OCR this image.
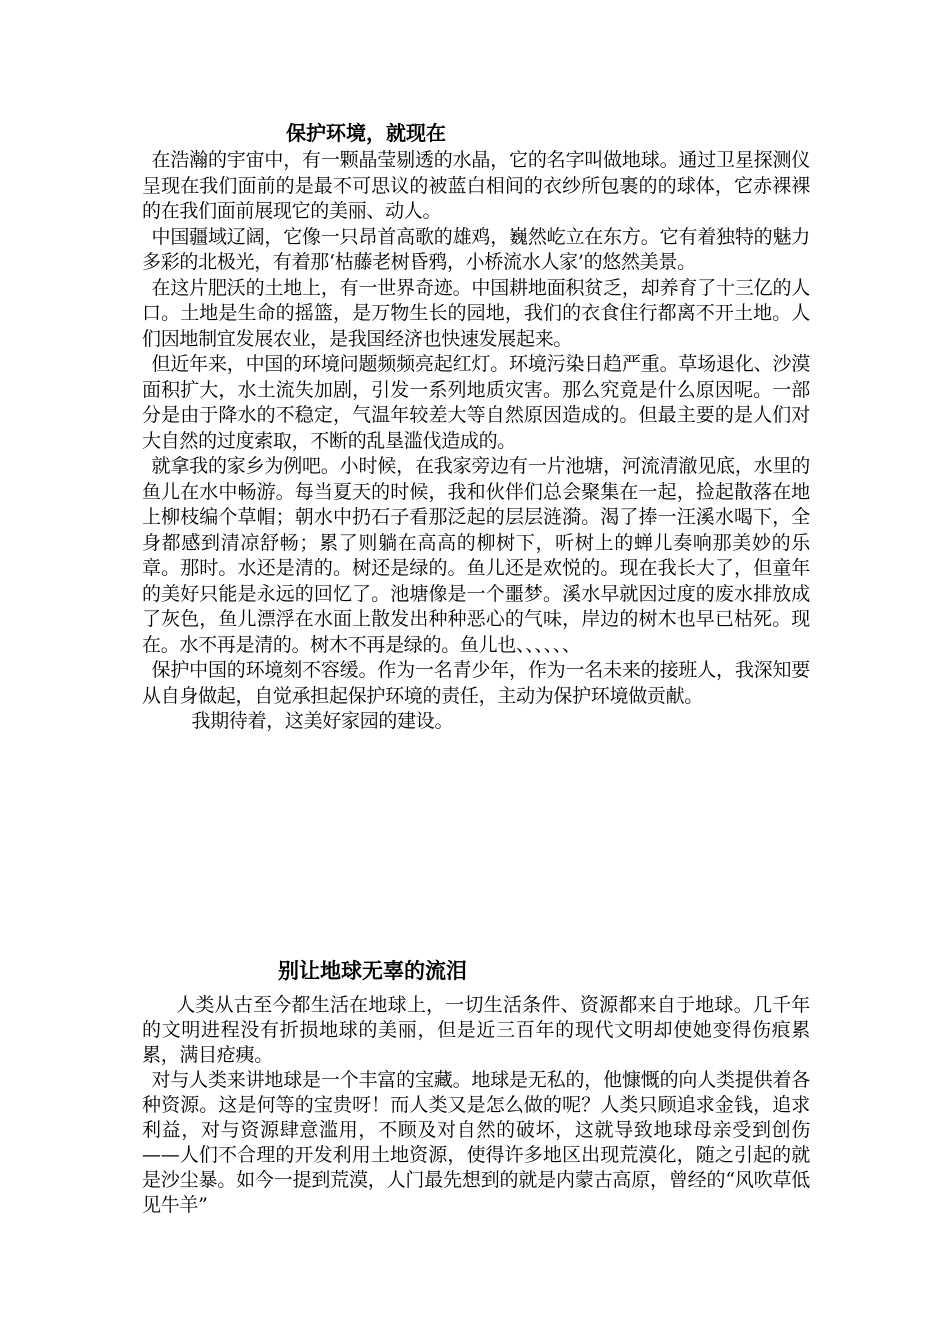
保护环境，就现在

在浩瀚的宇宙中，有一颗晶莹剔透的水晶，它的名字叫做地球。通过卫星探测仪呈现在我们面前的是最不可思议的被蓝白相间的衣纱所包裹的的球体，它赤裸裸的在我们面前展现它的美丽、动人。

中国疆域辽阔，它像一只昂首高歌的雄鸡，巍然屹立在东方。它有着独特的魅力多彩的北极光，有着那‘枯藤老树昏鸦，小桥流水人家’的悠然美景。

在这片肥沃的土地上，有一世界奇迹。中国耕地面积贫乏，却养育了十三亿的人口。土地是生命的摇篮，是万物生长的园地，我们的衣食住行都离不开土地。人们因地制宜发展农业，是我国经济也快速发展起来。

但近年来，中国的环境问题频频亮起红灯。环境污染日趋严重。草场退化、沙漠面积扩大，水土流失加剧，引发一系列地质灾害。那么究竟是什么原因呢。一部分是由于降水的不稳定，气温年较差大等自然原因造成的。但最主要的是人们对大自然的过度索取，不断的乱垦滥伐造成的。

就拿我的家乡为例吧。小时候，在我家旁边有一片池塘，河流清澈见底，水里的鱼儿在水中畅游。每当夏天的时候，我和伙伴们总会聚集在一起，捡起散落在地上柳枝编个草帽；朝水中扔石子看那泛起的层层涟漪。渴了捧一汪溪水喝下，全身都感到清凉舒畅；累了则躺在高高的柳树下，听树上的蝉儿奏响那美妙的乐章。那时。水还是清的。树还是绿的。鱼儿还是欢悦的。现在我长大了，但童年的美好只能是永远的回忆了。池塘像是一个噩梦。溪水早就因过度的废水排放成了灰色，鱼儿漂浮在水面上散发出种种恶心的气味，岸边的树木也早已枯死。现在。水不再是清的。树木不再是绿的。鱼儿也、、、、、、

保护中国的环境刻不容缓。作为一名青少年，作为一名未来的接班人，我深知要从自身做起，自觉承担起保护环境的责任，主动为保护环境做贡献。

我期待着，这美好家园的建设。

别让地球无辜的流泪

人类从古至今都生活在地球上，一切生活条件、资源都来自于地球。几千年的文明进程没有折损地球的美丽，但是近三百年的现代文明却使她变得伤痕累累，满目疮痍。

对与人类来讲地球是一个丰富的宝藏。地球是无私的，他慷慨的向人类提供着各种资源。这是何等的宝贵呀！而人类又是怎么做的呢？人类只顾追求金钱，追求利益，对与资源肆意滥用，不顾及对自然的破坏，这就导致地球母亲受到创伤——人们不合理的开发利用土地资源，使得许多地区出现荒漠化，随之引起的就是沙尘暴。如今一提到荒漠，人门最先想到的就是内蒙古高原，曾经的“风吹草低见牛羊”
